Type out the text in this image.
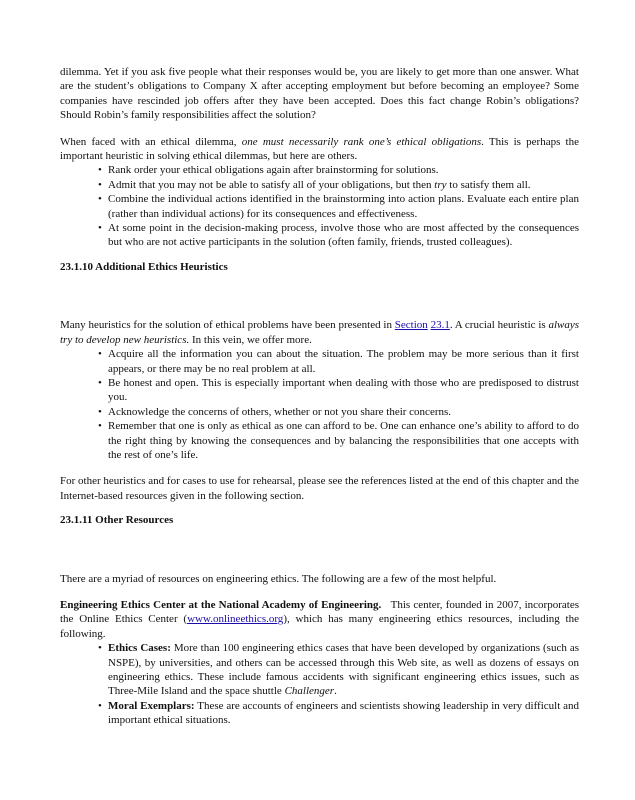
dilemma. Yet if you ask five people what their responses would be, you are likely to get more than one answer. What are the student’s obligations to Company X after accepting employment but before becoming an employee? Some companies have rescinded job offers after they have been accepted. Does this fact change Robin’s obligations? Should Robin’s family responsibilities affect the solution?

When faced with an ethical dilemma, one must necessarily rank one’s ethical obligations. This is perhaps the important heuristic in solving ethical dilemmas, but here are others.

• Rank order your ethical obligations again after brainstorming for solutions.
• Admit that you may not be able to satisfy all of your obligations, but then try to satisfy them all.
• Combine the individual actions identified in the brainstorming into action plans. Evaluate each entire plan (rather than individual actions) for its consequences and effectiveness.
• At some point in the decision-making process, involve those who are most affected by the consequences but who are not active participants in the solution (often family, friends, trusted colleagues).
23.1.10 Additional Ethics Heuristics

Many heuristics for the solution of ethical problems have been presented in Section 23.1. A crucial heuristic is always try to develop new heuristics. In this vein, we offer more.

• Acquire all the information you can about the situation. The problem may be more serious than it first appears, or there may be no real problem at all.
• Be honest and open. This is especially important when dealing with those who are predisposed to distrust you.
• Acknowledge the concerns of others, whether or not you share their concerns.
• Remember that one is only as ethical as one can afford to be. One can enhance one’s ability to afford to do the right thing by knowing the consequences and by balancing the responsibilities that one accepts with the rest of one’s life.

For other heuristics and for cases to use for rehearsal, please see the references listed at the end of this chapter and the Internet-based resources given in the following section.

23.1.11 Other Resources

There are a myriad of resources on engineering ethics. The following are a few of the most helpful.

Engineering Ethics Center at the National Academy of Engineering. This center, founded in 2007, incorporates the Online Ethics Center (www.onlineethics.org), which has many engineering ethics resources, including the following.

• Ethics Cases: More than 100 engineering ethics cases that have been developed by organizations (such as NSPE), by universities, and others can be accessed through this Web site, as well as dozens of essays on engineering ethics. These include famous accidents with significant engineering ethics issues, such as Three-Mile Island and the space shuttle Challenger.
• Moral Exemplars: These are accounts of engineers and scientists showing leadership in very difficult and important ethical situations.
